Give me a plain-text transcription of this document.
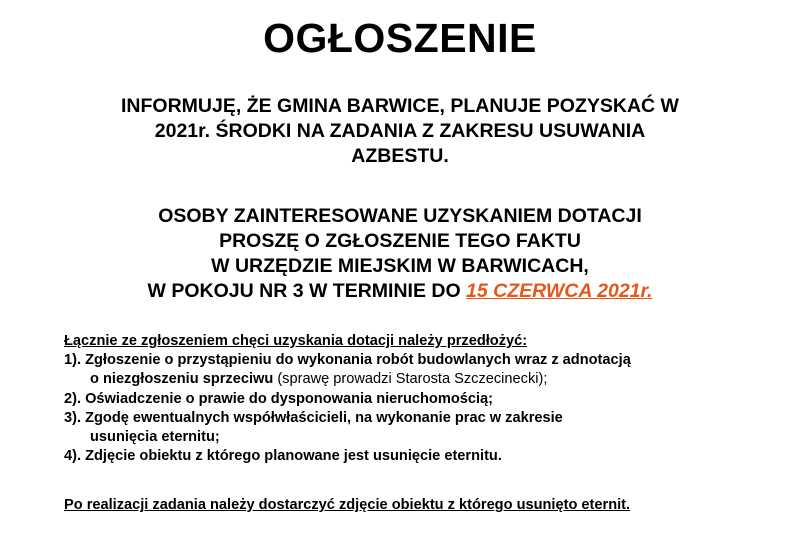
OGŁOSZENIE
INFORMUJĘ, ŻE GMINA BARWICE, PLANUJE POZYSKAĆ W
2021r. ŚRODKI NA ZADANIA Z ZAKRESU USUWANIA
AZBESTU.
OSOBY ZAINTERESOWANE UZYSKANIEM DOTACJI
PROSZĘ O ZGŁOSZENIE TEGO FAKTU
W URZĘDZIE MIEJSKIM W BARWICACH,
W POKOJU NR 3 W TERMINIE DO 15 CZERWCA 2021r.
Łącznie ze zgłoszeniem chęci uzyskania dotacji należy przedłożyć:
1). Zgłoszenie o przystąpieniu do wykonania robót budowlanych wraz z adnotacją
o niezgłoszeniu sprzeciwu (sprawę prowadzi Starosta Szczecinecki);
2). Oświadczenie o prawie do dysponowania nieruchomością;
3). Zgodę ewentualnych współwłaścicieli, na wykonanie prac w zakresie
usunięcia eternitu;
4). Zdjęcie obiektu z którego planowane jest usunięcie eternitu.
Po realizacji zadania należy dostarczyć zdjęcie obiektu z którego usunięto eternit.
